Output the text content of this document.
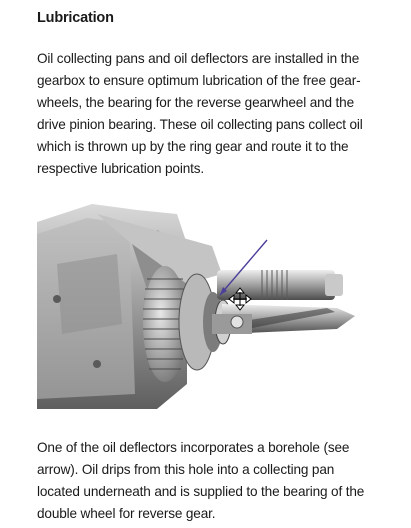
Lubrication
Oil collecting pans and oil deflectors are installed in the
gearbox to ensure optimum lubrication of the free gear-
wheels, the bearing for the reverse gearwheel and the
drive pinion bearing. These oil collecting pans collect oil
which is thrown up by the ring gear and route it to the
respective lubrication points.
One of the oil deflectors incorporates a borehole (see
arrow). Oil drips from this hole into a collecting pan
located underneath and is supplied to the bearing of the
double wheel for reverse gear.
